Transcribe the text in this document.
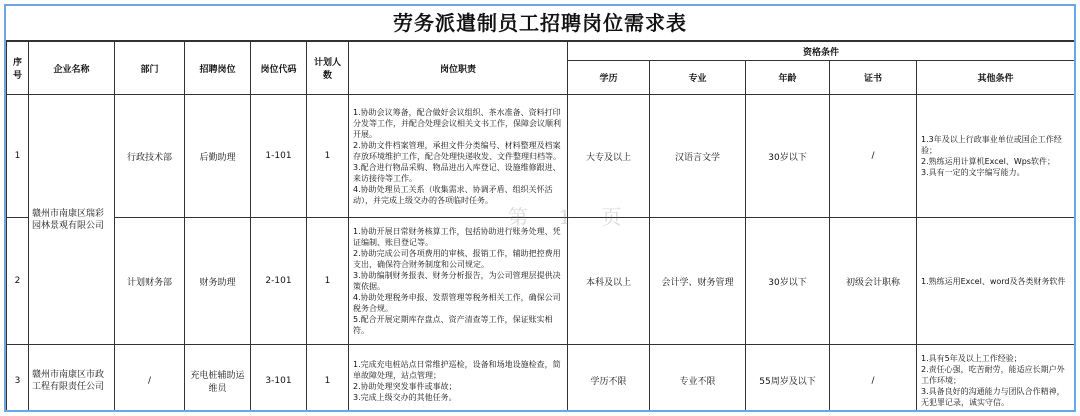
劳务派遣制员工招聘岗位需求表
序号	企业名称	部门	招聘岗位	岗位代码	计划人数	岗位职责	资格条件				
							学历	专业	年龄	证书	其他条件
1	赣州市南康区瑞彩园林景观有限公司	行政技术部	后勤助理	1-101	1	1.协助会议筹备，配合做好会议组织、茶水准备、资料打印分发等工作，并配合处理会议相关文书工作，保障会议顺利开展。
2.协助文件档案管理，承担文件分类编号、材料整理及档案存放环境维护工作，配合处理快递收发、文件整理归档等。
3.配合进行物品采购、物品进出入库登记、设施维修跟进、来访接待等工作。
4.协助处理员工关系（收集需求、协调矛盾、组织关怀活动），并完成上级交办的各项临时任务。	大专及以上	汉语言文学	30岁以下	/	1.3年及以上行政事业单位或国企工作经验；
2.熟练运用计算机Excel、Wps软件；
3.具有一定的文字编写能力。
2		计划财务部	财务助理	2-101	1	1.协助开展日常财务核算工作，包括协助进行账务处理、凭证编制、账目登记等。
2.协助完成公司各项费用的审核、报销工作，辅助把控费用支出，确保符合财务制度和公司规定。
3.协助编制财务报表、财务分析报告，为公司管理层提供决策依据。
4.协助处理税务申报、发票管理等税务相关工作，确保公司税务合规。
5.配合开展定期库存盘点、资产清查等工作，保证账实相符。	本科及以上	会计学、财务管理	30岁以下	初级会计职称	1.熟练运用Excel、word及各类财务软件
3	赣州市南康区市政工程有限责任公司	/	充电桩辅助运维员	3-101	1	1.完成充电桩站点日常维护巡检，设备和场地设施检查，简单故障处理，站点管理；
2.协助处理突发事件或事故；
3.完成上级交办的其他任务。	学历不限	专业不限	55周岁及以下	/	1.具有5年及以上工作经验；
2.责任心强，吃苦耐劳，能适应长期户外工作环境；
3.具备良好的沟通能力与团队合作精神，无犯罪记录，诚实守信。
第 1 页
